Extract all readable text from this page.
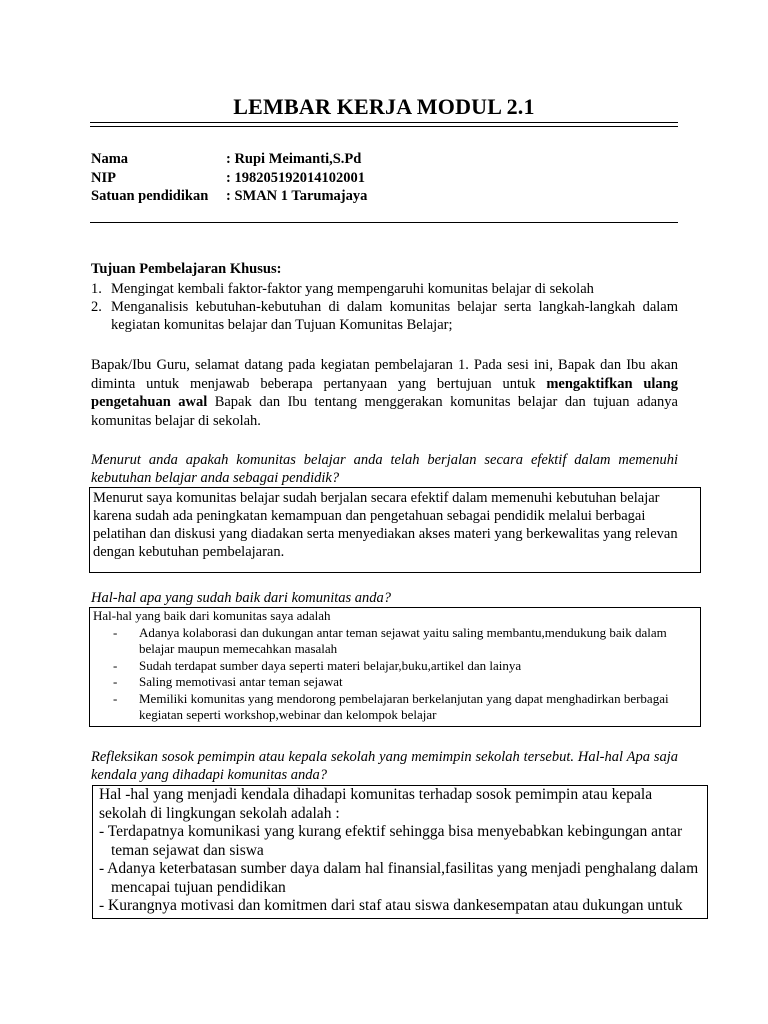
LEMBAR KERJA MODUL 2.1
Nama	: Rupi Meimanti,S.Pd
NIP	: 198205192014102001
Satuan pendidikan	: SMAN 1 Tarumajaya
Tujuan Pembelajaran Khusus:
1. Mengingat kembali faktor-faktor yang mempengaruhi komunitas belajar di sekolah
2. Menganalisis kebutuhan-kebutuhan di dalam komunitas belajar serta langkah-langkah dalam kegiatan komunitas belajar dan Tujuan Komunitas Belajar;
Bapak/Ibu Guru, selamat datang pada kegiatan pembelajaran 1. Pada sesi ini, Bapak dan Ibu akan diminta untuk menjawab beberapa pertanyaan yang bertujuan untuk mengaktifkan ulang pengetahuan awal Bapak dan Ibu tentang menggerakan komunitas belajar dan tujuan adanya komunitas belajar di sekolah.
Menurut anda apakah komunitas belajar anda telah berjalan secara efektif dalam memenuhi kebutuhan belajar anda sebagai pendidik?
Menurut saya komunitas belajar sudah berjalan secara efektif dalam memenuhi kebutuhan belajar karena sudah ada peningkatan kemampuan dan pengetahuan sebagai pendidik melalui berbagai pelatihan dan diskusi yang diadakan serta menyediakan akses materi yang berkewalitas yang relevan dengan kebutuhan pembelajaran.
Hal-hal apa yang sudah baik dari komunitas anda?
Hal-hal yang baik dari komunitas saya adalah
-	Adanya kolaborasi dan dukungan antar teman sejawat yaitu saling membantu,mendukung baik dalam belajar maupun memecahkan masalah
-	Sudah terdapat sumber daya seperti materi belajar,buku,artikel dan lainya
-	Saling memotivasi antar teman sejawat
-	Memiliki komunitas yang mendorong pembelajaran berkelanjutan yang dapat menghadirkan berbagai kegiatan seperti workshop,webinar dan kelompok belajar
Refleksikan sosok pemimpin atau kepala sekolah yang memimpin sekolah tersebut. Hal-hal Apa saja kendala yang dihadapi komunitas anda?
Hal -hal yang menjadi kendala dihadapi komunitas terhadap sosok pemimpin atau kepala sekolah di lingkungan sekolah adalah :
- Terdapatnya komunikasi yang kurang efektif sehingga bisa menyebabkan kebingungan antar teman sejawat dan siswa
- Adanya keterbatasan sumber daya dalam hal finansial,fasilitas yang menjadi penghalang dalam mencapai tujuan pendidikan
- Kurangnya motivasi dan komitmen dari staf atau siswa dankesempatan atau dukungan untuk
